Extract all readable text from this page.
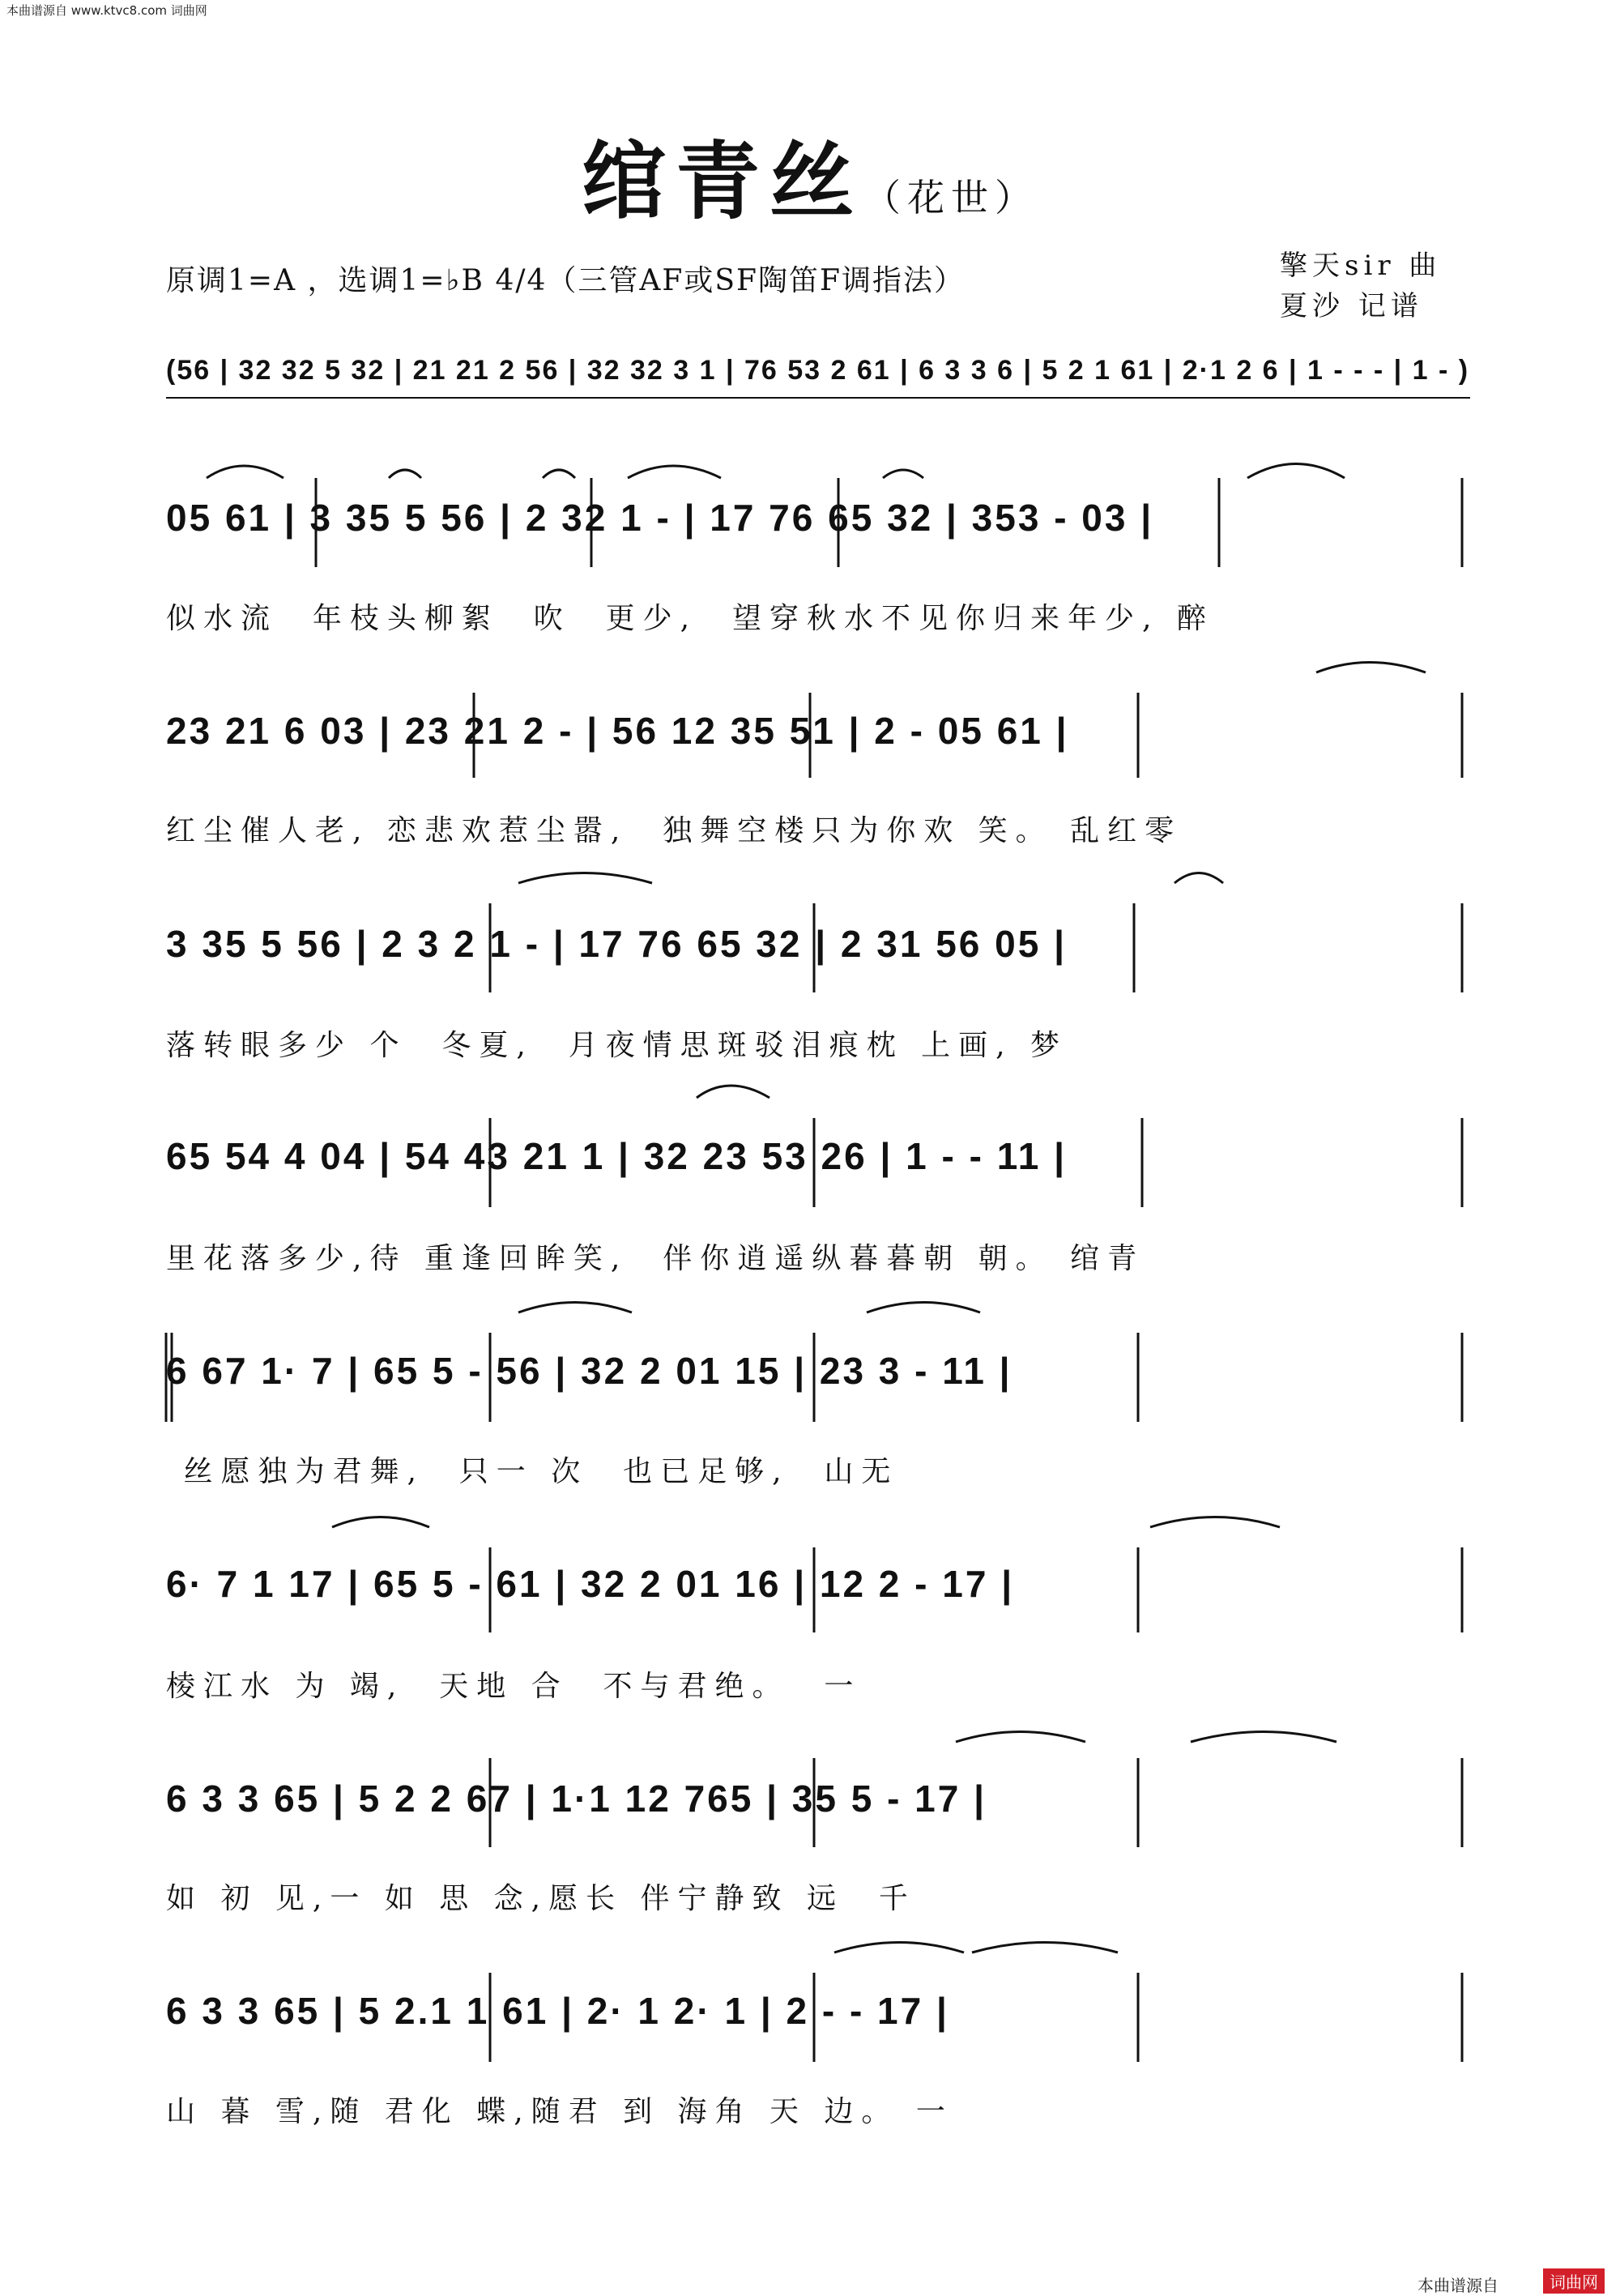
本曲谱源自 www.ktvc8.com 词曲网
绾青丝（花世）
原调1=A ，选调1=♭B 4/4（三管AF或SF陶笛F调指法）	擎天sir 曲
夏沙 记谱
(56 | 32 32 5 32 | 21 21 2 56 | 32 32 3 1 | 76 53 2 61 | 6 3 3 6 | 5 2 1 61 | 2·1 2 6 | 1 - - - | 1 - )
05 61 | 3 35 5 56 | 2 32 1 - | 17 76 65 32 | 353 - 03 |
似水流  年枝头柳絮  吹  更少,  望穿秋水不见你归来年少, 醉
23 21 6 03 | 23 21 2 - | 56 12 35 51 | 2 - 05 61 |
红尘催人老, 恋悲欢惹尘嚣,  独舞空楼只为你欢 笑。 乱红零
3 35 5 56 | 2 3 2 1 - | 17 76 65 32 | 2 31 56 05 |
落转眼多少 个  冬夏,  月夜情思斑驳泪痕枕 上画, 梦
65 54 4 04 | 54 43 21 1 | 32 23 53 26 | 1 - - 11 |
里花落多少,待 重逢回眸笑,  伴你逍遥纵暮暮朝 朝。 绾青
6 67 1· 7 | 65 5 - 56 | 32 2 01 15 | 23 3 - 11 |
丝愿独为君舞,  只一 次  也已足够,  山无
6· 7 1 17 | 65 5 - 61 | 32 2 01 16 | 12 2 - 17 |
棱江水 为 竭,  天地 合  不与君绝。  一
6 3 3 65 | 5 2 2 67 | 1·1 12 765 | 35 5 - 17 |
如 初 见,一 如 思 念,愿长 伴宁静致 远  千
6 3 3 65 | 5 2.1 1 61 | 2· 1 2· 1 | 2 - - 17 |
山 暮 雪,随 君化 蝶,随君 到 海角 天 边。 一
本曲谱源自	词曲网
